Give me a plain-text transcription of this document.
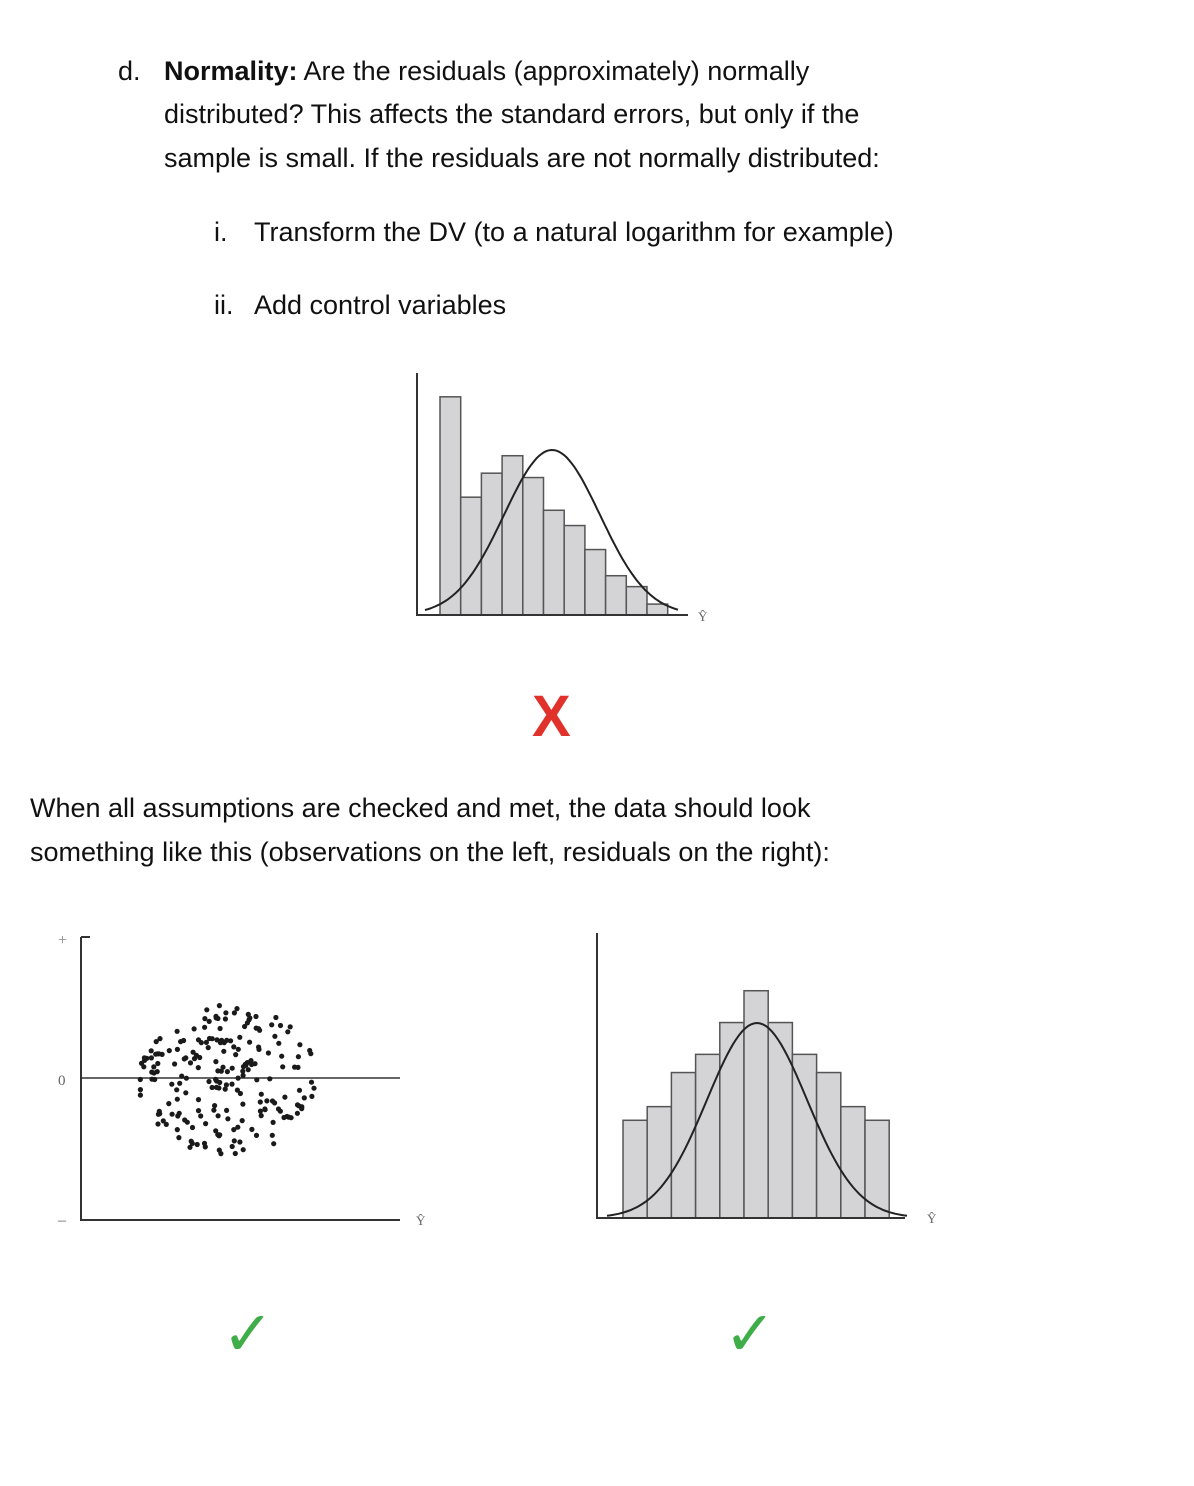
d. Normality: Are the residuals (approximately) normally
distributed? This affects the standard errors, but only if the
sample is small. If the residuals are not normally distributed:
i. Transform the DV (to a natural logarithm for example)
ii. Add control variables
Ŷ
X
When all assumptions are checked and met, the data should look
something like this (observations on the left, residuals on the right):
+
0
–	Ŷ	Ŷ
✓	✓
